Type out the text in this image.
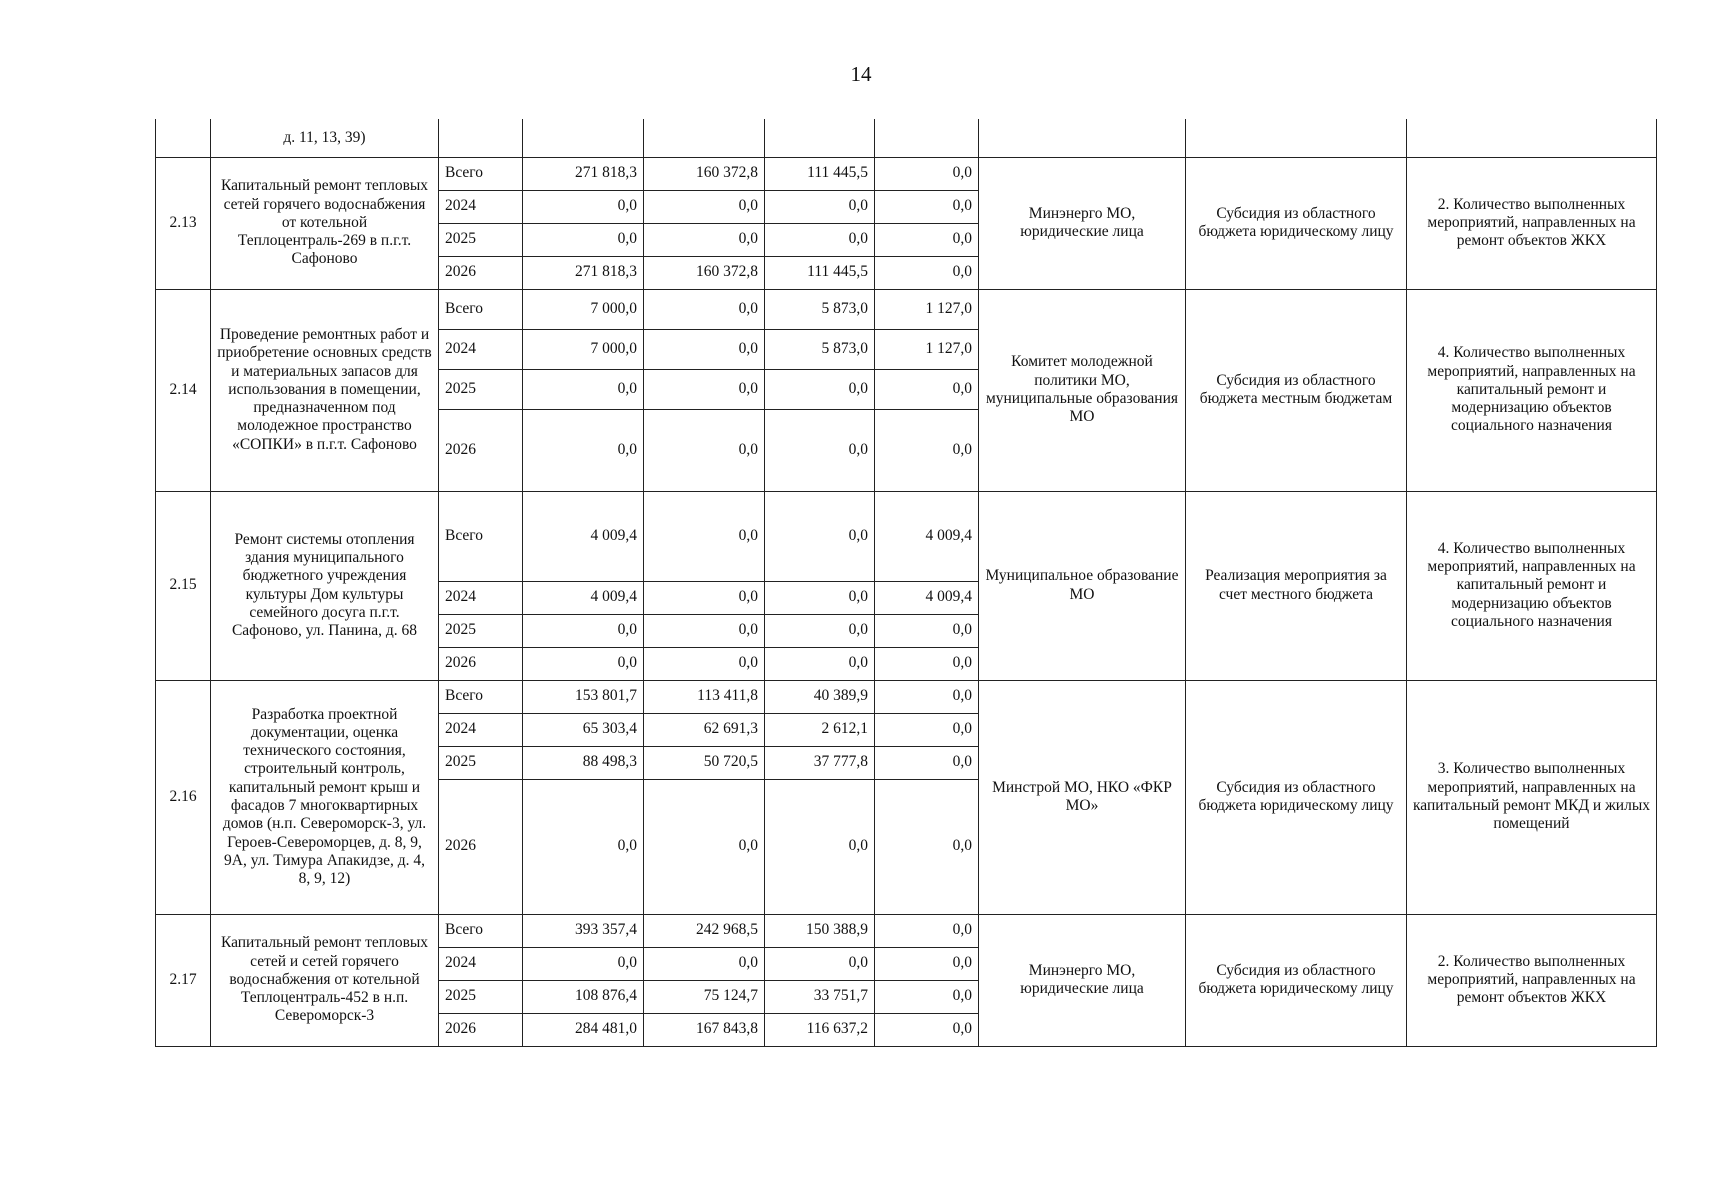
14
	д. 11, 13, 39)								
2.13	Капитальный ремонт тепловых сетей горячего водоснабжения от котельной Теплоцентраль-269 в п.г.т. Сафоново	Всего	271 818,3	160 372,8	111 445,5	0,0	Минэнерго МО, юридические лица	Субсидия из областного бюджета юридическому лицу	2. Количество выполненных мероприятий, направленных на ремонт объектов ЖКХ
		2024	0,0	0,0	0,0	0,0			
		2025	0,0	0,0	0,0	0,0			
		2026	271 818,3	160 372,8	111 445,5	0,0			
2.14	Проведение ремонтных работ и приобретение основных средств и материальных запасов для использования в помещении, предназначенном под молодежное пространство «СОПКИ» в п.г.т. Сафоново	Всего	7 000,0	0,0	5 873,0	1 127,0	Комитет молодежной политики МО, муниципальные образования МО	Субсидия из областного бюджета местным бюджетам	4. Количество выполненных мероприятий, направленных на капитальный ремонт и модернизацию объектов социального назначения
		2024	7 000,0	0,0	5 873,0	1 127,0			
		2025	0,0	0,0	0,0	0,0			
		2026	0,0	0,0	0,0	0,0			
2.15	Ремонт системы отопления здания муниципального бюджетного учреждения культуры Дом культуры семейного досуга п.г.т. Сафоново, ул. Панина, д. 68	Всего	4 009,4	0,0	0,0	4 009,4	Муниципальное образование МО	Реализация мероприятия за счет местного бюджета	4. Количество выполненных мероприятий, направленных на капитальный ремонт и модернизацию объектов социального назначения
		2024	4 009,4	0,0	0,0	4 009,4			
		2025	0,0	0,0	0,0	0,0			
		2026	0,0	0,0	0,0	0,0			
2.16	Разработка проектной документации, оценка технического состояния, строительный контроль, капитальный ремонт крыш и фасадов 7 многоквартирных домов (н.п. Североморск-3, ул. Героев-Североморцев, д. 8, 9, 9А, ул. Тимура Апакидзе, д. 4, 8, 9, 12)	Всего	153 801,7	113 411,8	40 389,9	0,0	Минстрой МО, НКО «ФКР МО»	Субсидия из областного бюджета юридическому лицу	3. Количество выполненных мероприятий, направленных на капитальный ремонт МКД и жилых помещений
		2024	65 303,4	62 691,3	2 612,1	0,0			
		2025	88 498,3	50 720,5	37 777,8	0,0			
		2026	0,0	0,0	0,0	0,0			
2.17	Капитальный ремонт тепловых сетей и сетей горячего водоснабжения от котельной Теплоцентраль-452 в н.п. Североморск-3	Всего	393 357,4	242 968,5	150 388,9	0,0	Минэнерго МО, юридические лица	Субсидия из областного бюджета юридическому лицу	2. Количество выполненных мероприятий, направленных на ремонт объектов ЖКХ
		2024	0,0	0,0	0,0	0,0			
		2025	108 876,4	75 124,7	33 751,7	0,0			
		2026	284 481,0	167 843,8	116 637,2	0,0			
